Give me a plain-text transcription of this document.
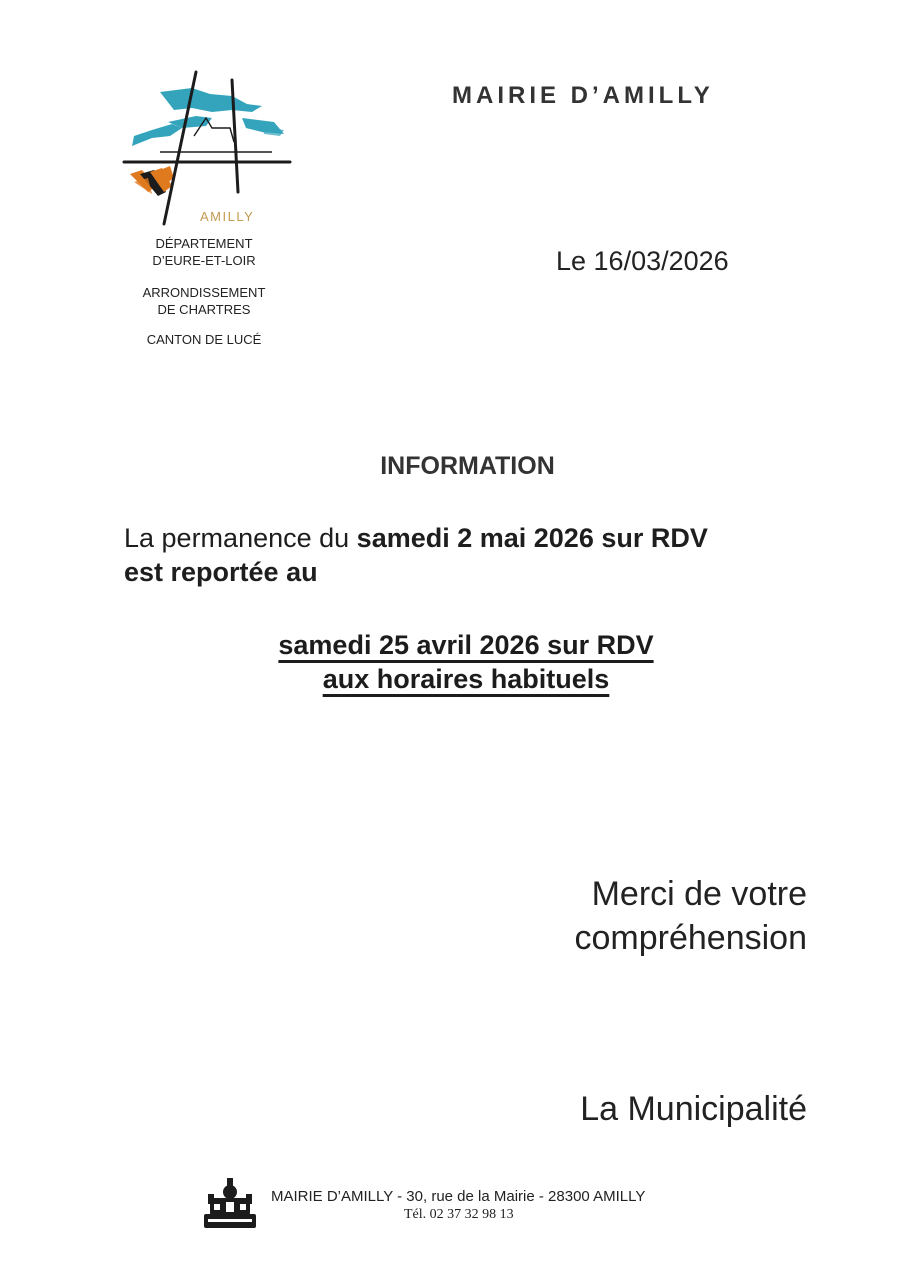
AMILLY
DÉPARTEMENT
D’EURE-ET-LOIR
ARRONDISSEMENT
DE CHARTRES
CANTON DE LUCÉ
MAIRIE D’AMILLY
Le 16/03/2026
INFORMATION
La permanence du samedi 2 mai 2026 sur RDV
est reportée au
samedi 25 avril 2026 sur RDV
aux horaires habituels
Merci de votre
compréhension
La Municipalité
MAIRIE D’AMILLY - 30, rue de la Mairie - 28300 AMILLY
Tél. 02 37 32 98 13
